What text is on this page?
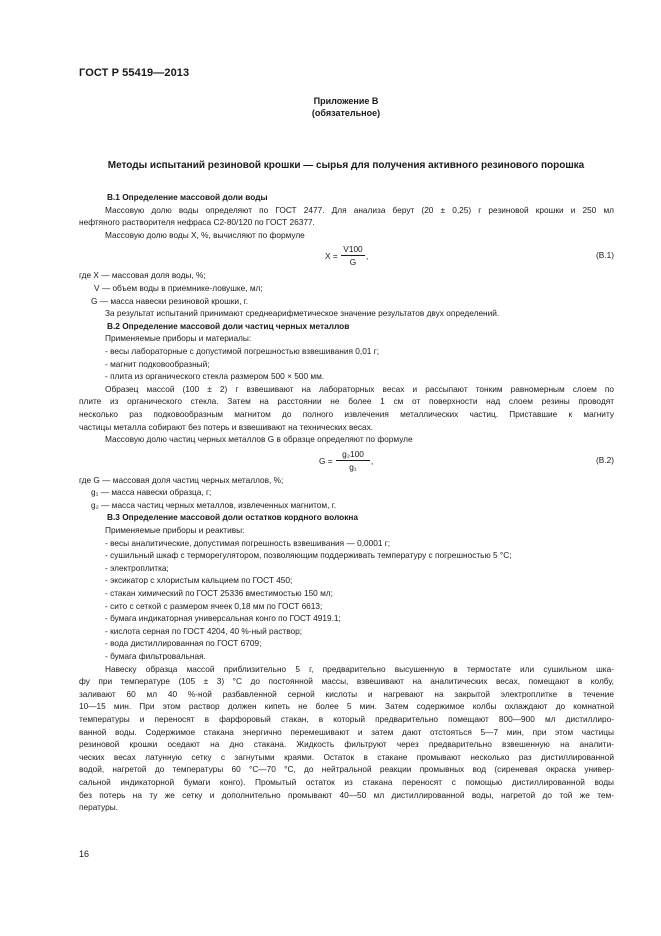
ГОСТ Р 55419—2013
Приложение В
(обязательное)
Методы испытаний резиновой крошки — сырья для получения активного резинового порошка

В.1 Определение массовой доли воды

Массовую долю воды определяют по ГОСТ 2477. Для анализа берут (20 ± 0,25) г резиновой крошки и 250 мл

нефтяного растворителя нефраса С2-80/120 по ГОСТ 26377.

Массовую долю воды X, %, вычисляют по формуле

X =
V100
G
,	(В.1)

где X — массовая доля воды, %;

V — объем воды в приемнике-ловушке, мл;

G — масса навески резиновой крошки, г.

За результат испытаний принимают среднеарифметическое значение результатов двух определений.

В.2 Определение массовой доли частиц черных металлов

Применяемые приборы и материалы:

- весы лабораторные с допустимой погрешностью взвешивания 0,01 г;

- магнит подковообразный;

- плита из органического стекла размером 500 × 500 мм.

Образец массой (100 ± 2) г взвешивают на лабораторных весах и рассыпают тонким равномерным слоем по

плите из органического стекла. Затем на расстоянии не более 1 см от поверхности над слоем резины проводят

несколько раз подковообразным магнитом до полного извлечения металлических частиц. Приставшие к магниту

частицы металла собирают без потерь и взвешивают на технических весах.

Массовую долю частиц черных металлов G в образце определяют по формуле

G =
g₂100
g₁
,	(В.2)

где G — массовая доля частиц черных металлов, %;

g₁ — масса навески образца, г;

g₂ — масса частиц черных металлов, извлеченных магнитом, г.

В.3 Определение массовой доли остатков кордного волокна

Применяемые приборы и реактивы:

- весы аналитические, допустимая погрешность взвешивания — 0,0001 г;

- сушильный шкаф с терморегулятором, позволяющим поддерживать температуру с погрешностью 5 °С;

- электроплитка;

- эксикатор с хлористым кальцием по ГОСТ 450;

- стакан химический по ГОСТ 25336 вместимостью 150 мл;

- сито с сеткой с размером ячеек 0,18 мм по ГОСТ 6613;

- бумага индикаторная универсальная конго по ГОСТ 4919.1;

- кислота серная по ГОСТ 4204, 40 %-ный раствор;

- вода дистиллированная по ГОСТ 6709;

- бумага фильтровальная.

Навеску образца массой приблизительно 5 г, предварительно высушенную в термостате или сушильном шка-

фу при температуре (105 ± 3) °С до постоянной массы, взвешивают на аналитических весах, помещают в колбу,

заливают 60 мл 40 %-ной разбавленной серной кислоты и нагревают на закрытой электроплитке в течение

10—15 мин. При этом раствор должен кипеть не более 5 мин. Затем содержимое колбы охлаждают до комнатной

температуры и переносят в фарфоровый стакан, в который предварительно помещают 800—900 мл дистиллиро-

ванной воды. Содержимое стакана энергично перемешивают и затем дают отстояться 5—7 мин, при этом частицы

резиновой крошки оседают на дно стакана. Жидкость фильтруют через предварительно взвешенную на аналити-

ческих весах латунную сетку с загнутыми краями. Остаток в стакане промывают несколько раз дистиллированной

водой, нагретой до температуры 60 °С—70 °С, до нейтральной реакции промывных вод (сиреневая окраска универ-

сальной индикаторной бумаги конго). Промытый остаток из стакана переносят с помощью дистиллированной воды

без потерь на ту же сетку и дополнительно промывают 40—50 мл дистиллированной воды, нагретой до той же тем-

пературы.

16
